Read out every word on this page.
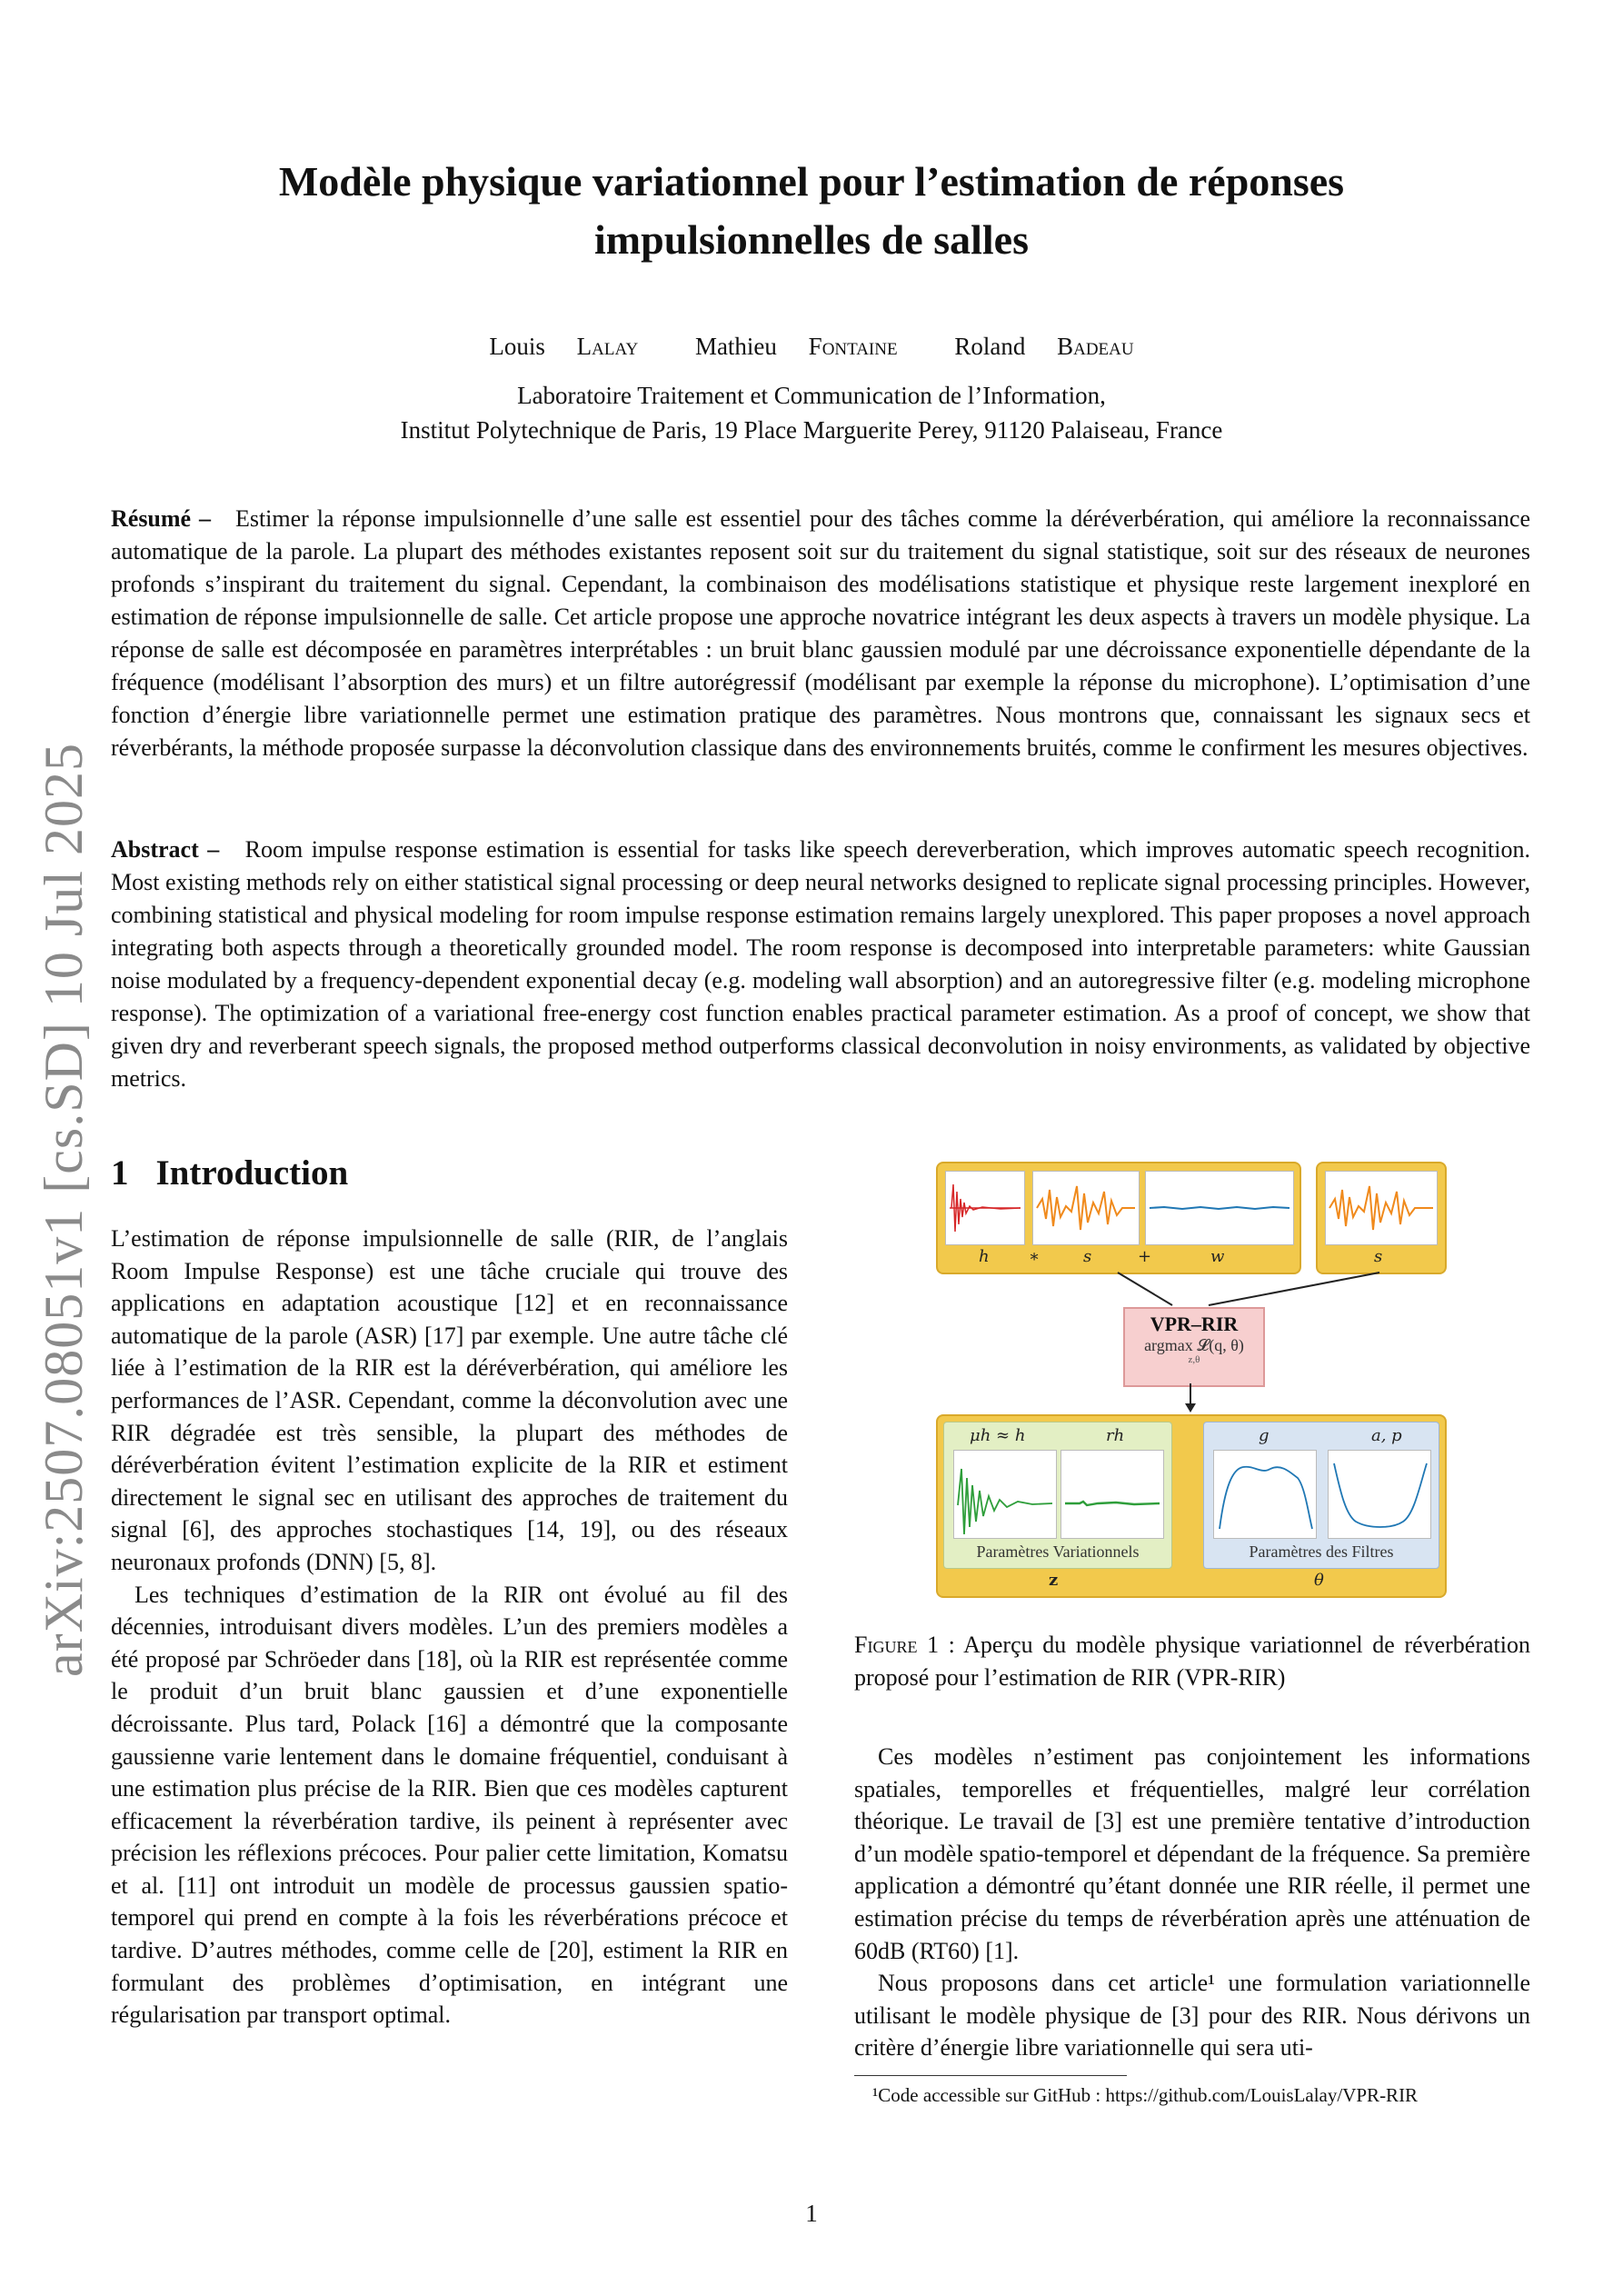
Modèle physique variationnel pour l’estimation de réponses impulsionnelles de salles
Louis Lalay Mathieu Fontaine Roland Badeau
Laboratoire Traitement et Communication de l’Information,
Institut Polytechnique de Paris, 19 Place Marguerite Perey, 91120 Palaiseau, France
arXiv:2507.08051v1 [cs.SD] 10 Jul 2025
Résumé – Estimer la réponse impulsionnelle d’une salle est essentiel pour des tâches comme la déréverbération, qui améliore la reconnaissance automatique de la parole. La plupart des méthodes existantes reposent soit sur du traitement du signal statistique, soit sur des réseaux de neurones profonds s’inspirant du traitement du signal. Cependant, la combinaison des modélisations statistique et physique reste largement inexploré en estimation de réponse impulsionnelle de salle. Cet article propose une approche novatrice intégrant les deux aspects à travers un modèle physique. La réponse de salle est décomposée en paramètres interprétables : un bruit blanc gaussien modulé par une décroissance exponentielle dépendante de la fréquence (modélisant l’absorption des murs) et un filtre autorégressif (modélisant par exemple la réponse du microphone). L’optimisation d’une fonction d’énergie libre variationnelle permet une estimation pratique des paramètres. Nous montrons que, connaissant les signaux secs et réverbérants, la méthode proposée surpasse la déconvolution classique dans des environnements bruités, comme le confirment les mesures objectives.
Abstract – Room impulse response estimation is essential for tasks like speech dereverberation, which improves automatic speech recognition. Most existing methods rely on either statistical signal processing or deep neural networks designed to replicate signal processing principles. However, combining statistical and physical modeling for room impulse response estimation remains largely unexplored. This paper proposes a novel approach integrating both aspects through a theoretically grounded model. The room response is decomposed into interpretable parameters: white Gaussian noise modulated by a frequency-dependent exponential decay (e.g. modeling wall absorption) and an autoregressive filter (e.g. modeling microphone response). The optimization of a variational free-energy cost function enables practical parameter estimation. As a proof of concept, we show that given dry and reverberant speech signals, the proposed method outperforms classical deconvolution in noisy environments, as validated by objective metrics.
1 Introduction

L’estimation de réponse impulsionnelle de salle (RIR, de l’anglais Room Impulse Response) est une tâche cruciale qui trouve des applications en adaptation acoustique [12] et en reconnaissance automatique de la parole (ASR) [17] par exemple. Une autre tâche clé liée à l’estimation de la RIR est la déréverbération, qui améliore les performances de l’ASR. Cependant, comme la déconvolution avec une RIR dégradée est très sensible, la plupart des méthodes de déréverbération évitent l’estimation explicite de la RIR et estiment directement le signal sec en utilisant des approches de traitement du signal [6], des approches stochastiques [14, 19], ou des réseaux neuronaux profonds (DNN) [5, 8].

Les techniques d’estimation de la RIR ont évolué au fil des décennies, introduisant divers modèles. L’un des premiers modèles a été proposé par Schröeder dans [18], où la RIR est représentée comme le produit d’un bruit blanc gaussien et d’une exponentielle décroissante. Plus tard, Polack [16] a démontré que la composante gaussienne varie lentement dans le domaine fréquentiel, conduisant à une estimation plus précise de la RIR. Bien que ces modèles capturent efficacement la réverbération tardive, ils peinent à représenter avec précision les réflexions précoces. Pour palier cette limitation, Komatsu et al. [11] ont introduit un modèle de processus gaussien spatio-temporel qui prend en compte à la fois les réverbérations précoce et tardive. D’autres méthodes, comme celle de [20], estiment la RIR en formulant des problèmes d’optimisation, en intégrant une régularisation par transport optimal.

h ∗	s	+	w	s
VPR–RIR
argmax 𝓛(q, θ)
z,θ
μh ≈ h	rh
Paramètres Variationnels
g	a, p
Paramètres des Filtres
z	θ
Figure 1 : Aperçu du modèle physique variationnel de réverbération proposé pour l’estimation de RIR (VPR-RIR)

Ces modèles n’estiment pas conjointement les informations spatiales, temporelles et fréquentielles, malgré leur corrélation théorique. Le travail de [3] est une première tentative d’introduction d’un modèle spatio-temporel et dépendant de la fréquence. Sa première application a démontré qu’étant donnée une RIR réelle, il permet une estimation précise du temps de réverbération après une atténuation de 60dB (RT60) [1].

Nous proposons dans cet article¹ une formulation variationnelle utilisant le modèle physique de [3] pour des RIR. Nous dérivons un critère d’énergie libre variationnelle qui sera uti-

¹Code accessible sur GitHub : https://github.com/LouisLalay/VPR-RIR
1
